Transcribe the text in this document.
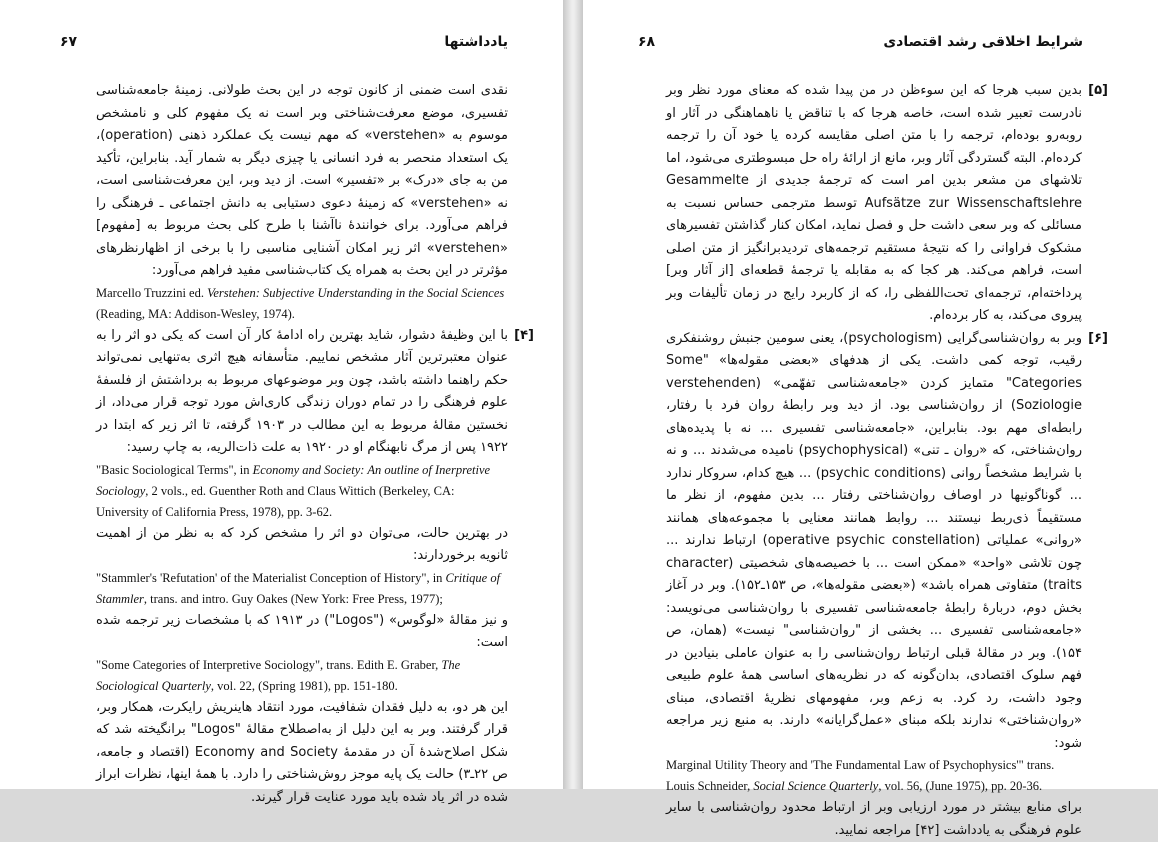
۶۷	یادداشتها

نقدی است ضمنی از کانون توجه در این بحث طولانی. زمینهٔ جامعه‌شناسی تفسیری، موضع معرفت‌شناختی وبر است نه یک مفهوم کلی و نامشخص موسوم به «verstehen» که مهم نیست یک عملکرد ذهنی (operation)، یک استعداد منحصر به فرد انسانی یا چیزی دیگر به شمار آید. بنابراین، تأکید من به جای «درک» بر «تفسیر» است. از دید وبر، این معرفت‌شناسی است، نه «verstehen» که زمینهٔ دعوی دستیابی به دانش اجتماعی ـ فرهنگی را فراهم می‌آورد. برای خوانندهٔ ناآشنا با طرح کلی بحث مربوط به [مفهوم] «verstehen» اثر زیر امکان آشنایی مناسبی را با برخی از اظهارنظرهای مؤثرتر در این بحث به همراه یک کتاب‌شناسی مفید فراهم می‌آورد:

Marcello Truzzini ed. Verstehen: Subjective Understanding in the Social Sciences (Reading, MA: Addison-Wesley, 1974).

[۴]
با این وظیفهٔ دشوار، شاید بهترین راه ادامهٔ کار آن است که یکی دو اثر را به عنوان معتبرترین آثار مشخص نماییم. متأسفانه هیچ اثری به‌تنهایی نمی‌تواند حکم راهنما داشته باشد، چون وبر موضوعهای مربوط به برداشتش از فلسفهٔ علوم فرهنگی را در تمام دوران زندگی کاری‌اش مورد توجه قرار می‌داد، از نخستین مقالهٔ مربوط به این مطالب در ۱۹۰۳ گرفته، تا اثر زیر که ابتدا در ۱۹۲۲ پس از مرگ نابهنگام او در ۱۹۲۰ به علت ذات‌الریه، به چاپ رسید:

"Basic Sociological Terms", in Economy and Society: An outline of Inerpretive Sociology, 2 vols., ed. Guenther Roth and Claus Wittich (Berkeley, CA: University of California Press, 1978), pp. 3-62.

در بهترین حالت، می‌توان دو اثر را مشخص کرد که به نظر من از اهمیت ثانویه برخوردارند:

"Stammler's 'Refutation' of the Materialist Conception of History", in Critique of Stammler, trans. and intro. Guy Oakes (New York: Free Press, 1977);

و نیز مقالهٔ «لوگوس» ("Logos") در ۱۹۱۳ که با مشخصات زیر ترجمه شده است:

"Some Categories of Interpretive Sociology", trans. Edith E. Graber, The Sociological Quarterly, vol. 22, (Spring 1981), pp. 151-180.

این هر دو، به دلیل فقدان شفافیت، مورد انتقاد هاینریش رایکرت، همکار وبر، قرار گرفتند. وبر به این دلیل از به‌اصطلاح مقالهٔ "Logos" برانگیخته شد که شکل اصلاح‌شدهٔ آن در مقدمهٔ Economy and Society (اقتصاد و جامعه، ص ۲۲ـ۳) حالت یک پایه موجز روش‌شناختی را دارد. با همهٔ اینها، نظرات ابراز شده در اثر یاد شده باید مورد عنایت قرار گیرند.

۶۸	شرایط اخلاقی رشد اقتصادی

[۵]
بدین سبب هرجا که این سوءظن در من پیدا شده که معنای مورد نظر وبر نادرست تعبیر شده است، خاصه هرجا که با تناقض یا ناهماهنگی در آثار او روبه‌رو بوده‌ام، ترجمه را با متن اصلی مقایسه کرده یا خود آن را ترجمه کرده‌ام. البته گستردگی آثار وبر، مانع از ارائهٔ راه حل مبسوطتری می‌شود، اما تلاشهای من مشعر بدین امر است که ترجمهٔ جدیدی از Gesammelte Aufsätze zur Wissenschaftslehre توسط مترجمی حساس نسبت به مسائلی که وبر سعی داشت حل و فصل نماید، امکان کنار گذاشتن تفسیرهای مشکوک فراوانی را که نتیجهٔ مستقیم ترجمه‌های تردیدبرانگیز از متن اصلی است، فراهم می‌کند. هر کجا که به مقابله یا ترجمهٔ قطعه‌ای [از آثار وبر] پرداخته‌ام، ترجمه‌ای تحت‌اللفظی را، که از کاربرد رایج در زمان تألیفات وبر پیروی می‌کند، به کار برده‌ام.

[۶]
وبر به روان‌شناسی‌گرایی (psychologism)، یعنی سومین جنبش روشنفکری رقیب، توجه کمی داشت. یکی از هدفهای «بعضی مقوله‌ها» "Some Categories" متمایز کردن «جامعه‌شناسی تفهّمی» (verstehenden Soziologie) از روان‌شناسی بود. از دید وبر رابطهٔ روان فرد با رفتار، رابطه‌ای مهم بود. بنابراین، «جامعه‌شناسی تفسیری ... نه با پدیده‌های روان‌شناختی، که «روان ـ تنی» (psychophysical) نامیده می‌شدند ... و نه با شرایط مشخصاً روانی (psychic conditions) ... هیچ کدام، سروکار ندارد ... گوناگونیها در اوصاف روان‌شناختی رفتار ... بدین مفهوم، از نظر ما مستقیماً ذی‌ربط نیستند ... روابط همانند معنایی با مجموعه‌های همانند «روانی» عملیاتی (operative psychic constellation) ارتباط ندارند ... چون تلاشی «واحد» «ممکن است ... با خصیصه‌های شخصیتی (character traits) متفاوتی همراه باشد» («بعضی مقوله‌ها»، ص ۱۵۳ـ۱۵۲). وبر در آغاز بخش دوم، دربارهٔ رابطهٔ جامعه‌شناسی تفسیری با روان‌شناسی می‌نویسد: «جامعه‌شناسی تفسیری ... بخشی از "روان‌شناسی" نیست» (همان، ص ۱۵۴). وبر در مقالهٔ قبلی ارتباط روان‌شناسی را به عنوان عاملی بنیادین در فهم سلوک اقتصادی، بدان‌گونه که در نظریه‌های اساسی همهٔ علوم طبیعی وجود داشت، رد کرد. به زعم وبر، مفهومهای نظریهٔ اقتصادی، مبنای «روان‌شناختی» ندارند بلکه مبنای «عمل‌گرایانه» دارند. به منبع زیر مراجعه شود:

Marginal Utility Theory and 'The Fundamental Law of Psychophysics'" trans. Louis Schneider, Social Science Quarterly, vol. 56, (June 1975), pp. 20-36.

برای منابع بیشتر در مورد ارزیابی وبر از ارتباط محدود روان‌شناسی با سایر علوم فرهنگی به یادداشت [۴۲] مراجعه نمایید.
